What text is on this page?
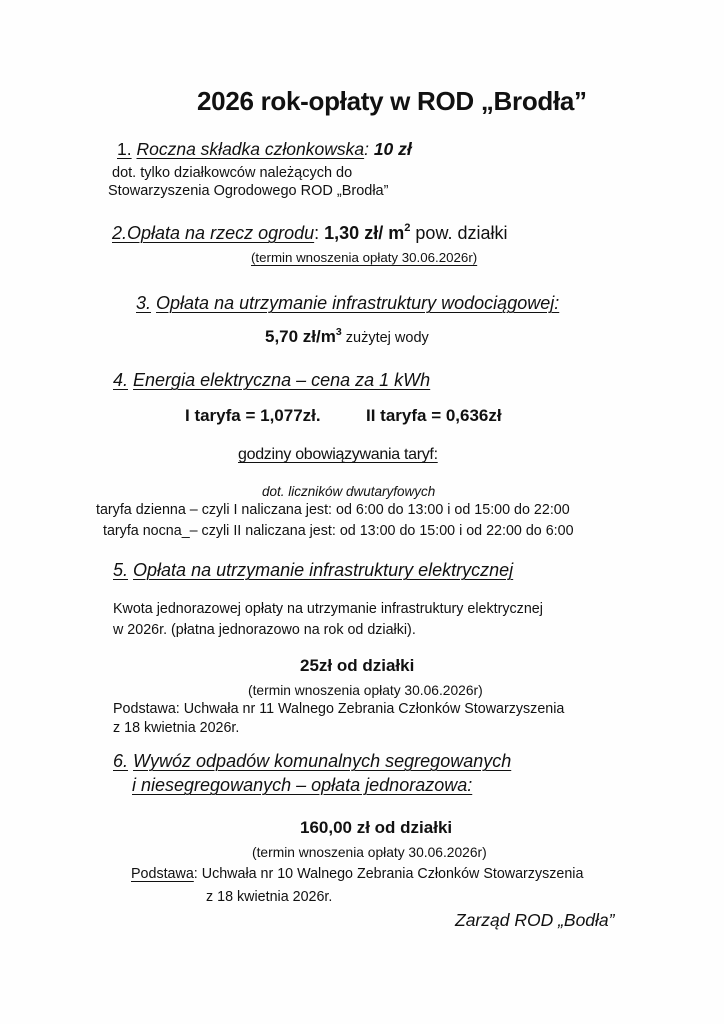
2026 rok-opłaty w ROD „Brodła”
1. Roczna składka członkowska: 10 zł
dot. tylko działkowców należących do
Stowarzyszenia Ogrodowego ROD „Brodła”
2.Opłata na rzecz ogrodu: 1,30 zł/ $m^2$ pow. działki
(termin wnoszenia opłaty 30.06.2026r)
3. Opłata na utrzymanie infrastruktury wodociągowej:
5,70 $zł/m^3$ zużytej wody
4. Energia elektryczna – cena za 1 kWh
I taryfa = 1,077zł.	II taryfa = 0,636zł
godziny obowiązywania taryf:
dot. liczników dwutaryfowych
taryfa dzienna – czyli I naliczana jest: od 6:00 do 13:00 i od 15:00 do 22:00
taryfa nocna_– czyli II naliczana jest: od 13:00 do 15:00 i od 22:00 do 6:00
5. Opłata na utrzymanie infrastruktury elektrycznej
Kwota jednorazowej opłaty na utrzymanie infrastruktury elektrycznej
w 2026r. (płatna jednorazowo na rok od działki).
25zł od działki
(termin wnoszenia opłaty 30.06.2026r)
Podstawa: Uchwała nr 11 Walnego Zebrania Członków Stowarzyszenia
z 18 kwietnia 2026r.
6. Wywóz odpadów komunalnych segregowanych
i niesegregowanych – opłata jednorazowa:
160,00 zł od działki
(termin wnoszenia opłaty 30.06.2026r)
Podstawa: Uchwała nr 10 Walnego Zebrania Członków Stowarzyszenia
z 18 kwietnia 2026r.
Zarząd ROD „Bodła”
